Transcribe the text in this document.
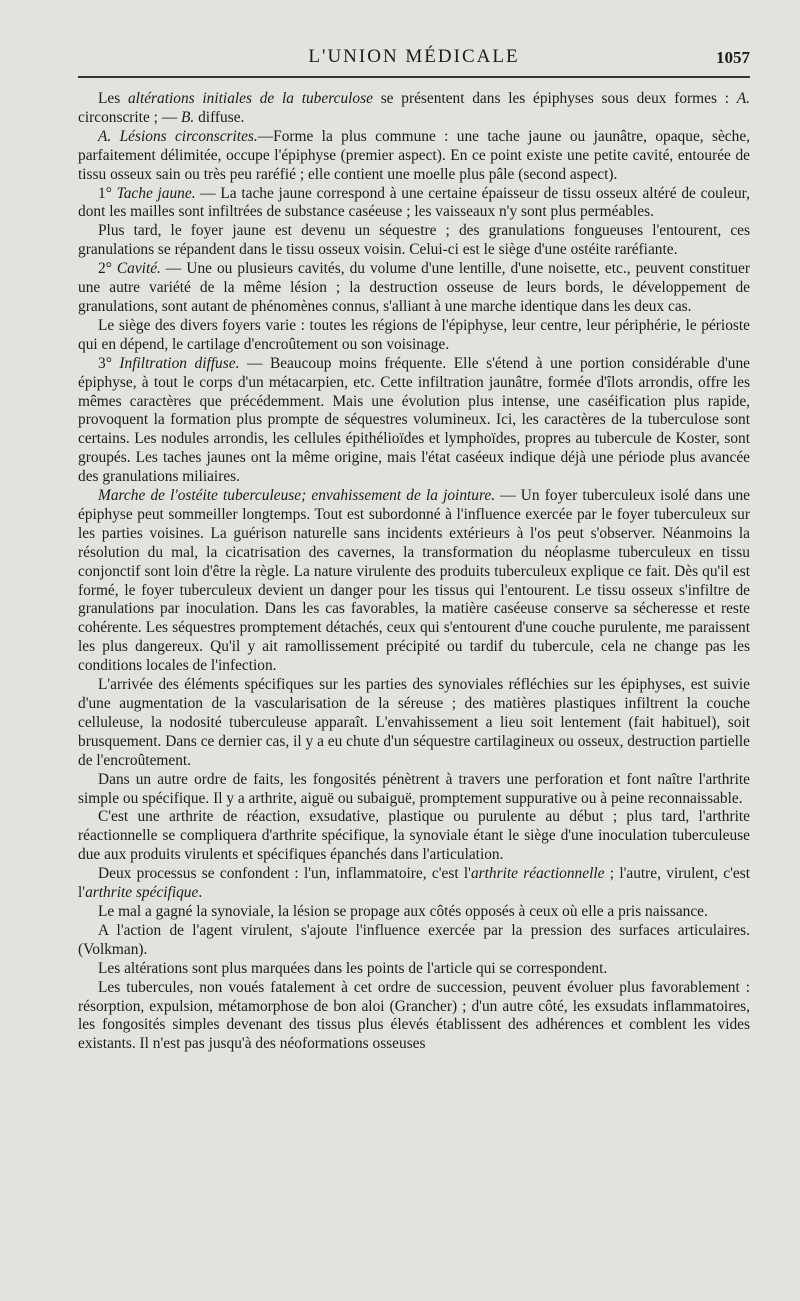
L'UNION MÉDICALE	1057

Les altérations initiales de la tuberculose se présentent dans les épiphyses sous deux formes : A. circonscrite ; — B. diffuse.

A. Lésions circonscrites.—Forme la plus commune : une tache jaune ou jaunâtre, opaque, sèche, parfaitement délimitée, occupe l'épiphyse (premier aspect). En ce point existe une petite cavité, entourée de tissu osseux sain ou très peu raréfié ; elle contient une moelle plus pâle (second aspect).

1° Tache jaune. — La tache jaune correspond à une certaine épaisseur de tissu osseux altéré de couleur, dont les mailles sont infiltrées de substance caséeuse ; les vaisseaux n'y sont plus perméables.

Plus tard, le foyer jaune est devenu un séquestre ; des granulations fongueuses l'entourent, ces granulations se répandent dans le tissu osseux voisin. Celui-ci est le siège d'une ostéite raréfiante.

2° Cavité. — Une ou plusieurs cavités, du volume d'une lentille, d'une noisette, etc., peuvent constituer une autre variété de la même lésion ; la destruction osseuse de leurs bords, le développement de granulations, sont autant de phénomènes connus, s'alliant à une marche identique dans les deux cas.

Le siège des divers foyers varie : toutes les régions de l'épiphyse, leur centre, leur périphérie, le périoste qui en dépend, le cartilage d'encroûtement ou son voisinage.

3° Infiltration diffuse. — Beaucoup moins fréquente. Elle s'étend à une portion considérable d'une épiphyse, à tout le corps d'un métacarpien, etc. Cette infiltration jaunâtre, formée d'îlots arrondis, offre les mêmes caractères que précédemment. Mais une évolution plus intense, une caséification plus rapide, provoquent la formation plus prompte de séquestres volumineux. Ici, les caractères de la tuberculose sont certains. Les nodules arrondis, les cellules épithélioïdes et lymphoïdes, propres au tubercule de Koster, sont groupés. Les taches jaunes ont la même origine, mais l'état caséeux indique déjà une période plus avancée des granulations miliaires.

Marche de l'ostéite tuberculeuse; envahissement de la jointure. — Un foyer tuberculeux isolé dans une épiphyse peut sommeiller longtemps. Tout est subordonné à l'influence exercée par le foyer tuberculeux sur les parties voisines. La guérison naturelle sans incidents extérieurs à l'os peut s'observer. Néanmoins la résolution du mal, la cicatrisation des cavernes, la transformation du néoplasme tuberculeux en tissu conjonctif sont loin d'être la règle. La nature virulente des produits tuberculeux explique ce fait. Dès qu'il est formé, le foyer tuberculeux devient un danger pour les tissus qui l'entourent. Le tissu osseux s'infiltre de granulations par inoculation. Dans les cas favorables, la matière caséeuse conserve sa sécheresse et reste cohérente. Les séquestres promptement détachés, ceux qui s'entourent d'une couche purulente, me paraissent les plus dangereux. Qu'il y ait ramollissement précipité ou tardif du tubercule, cela ne change pas les conditions locales de l'infection.

L'arrivée des éléments spécifiques sur les parties des synoviales réfléchies sur les épiphyses, est suivie d'une augmentation de la vascularisation de la séreuse ; des matières plastiques infiltrent la couche celluleuse, la nodosité tuberculeuse apparaît. L'envahissement a lieu soit lentement (fait habituel), soit brusquement. Dans ce dernier cas, il y a eu chute d'un séquestre cartilagineux ou osseux, destruction partielle de l'encroûtement.

Dans un autre ordre de faits, les fongosités pénètrent à travers une perforation et font naître l'arthrite simple ou spécifique. Il y a arthrite, aiguë ou subaiguë, promptement suppurative ou à peine reconnaissable.

C'est une arthrite de réaction, exsudative, plastique ou purulente au début ; plus tard, l'arthrite réactionnelle se compliquera d'arthrite spécifique, la synoviale étant le siège d'une inoculation tuberculeuse due aux produits virulents et spécifiques épanchés dans l'articulation.

Deux processus se confondent : l'un, inflammatoire, c'est l'arthrite réactionnelle ; l'autre, virulent, c'est l'arthrite spécifique.

Le mal a gagné la synoviale, la lésion se propage aux côtés opposés à ceux où elle a pris naissance.

A l'action de l'agent virulent, s'ajoute l'influence exercée par la pression des surfaces articulaires. (Volkman).

Les altérations sont plus marquées dans les points de l'article qui se correspondent.

Les tubercules, non voués fatalement à cet ordre de succession, peuvent évoluer plus favorablement : résorption, expulsion, métamorphose de bon aloi (Grancher) ; d'un autre côté, les exsudats inflammatoires, les fongosités simples devenant des tissus plus élevés établissent des adhérences et comblent les vides existants. Il n'est pas jusqu'à des néoformations osseuses
